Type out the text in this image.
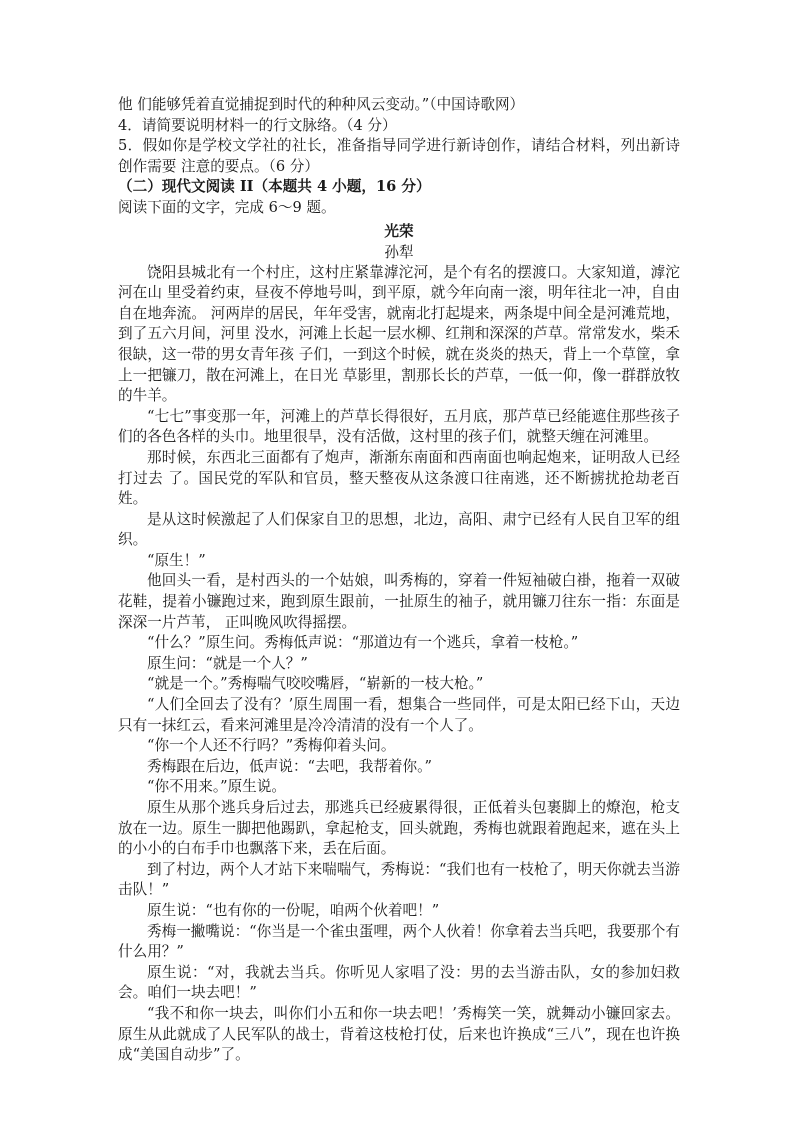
他 们能够凭着直觉捕捉到时代的种种风云变动。”（中国诗歌网）

4．请简要说明材料一的行文脉络。（4 分）

5．假如你是学校文学社的社长，准备指导同学进行新诗创作，请结合材料，列出新诗创作需要 注意的要点。（6 分）

（二）现代文阅读 II（本题共 4 小题，16 分）

阅读下面的文字，完成 6～9 题。

光荣
孙犁

饶阳县城北有一个村庄，这村庄紧靠滹沱河，是个有名的摆渡口。大家知道，滹沱河在山 里受着约束，昼夜不停地号叫，到平原，就今年向南一滚，明年往北一冲，自由自在地奔流。 河两岸的居民，年年受害，就南北打起堤来，两条堤中间全是河滩荒地，到了五六月间，河里 没水，河滩上长起一层水柳、红荆和深深的芦草。常常发水，柴禾很缺，这一带的男女青年孩 子们，一到这个时候，就在炎炎的热天，背上一个草筐，拿上一把镰刀，散在河滩上，在日光 草影里，割那长长的芦草，一低一仰，像一群群放牧的牛羊。

“七七”事变那一年，河滩上的芦草长得很好，五月底，那芦草已经能遮住那些孩子们的各色各样的头巾。地里很旱，没有活做，这村里的孩子们，就整天缠在河滩里。

那时候，东西北三面都有了炮声，渐渐东南面和西南面也响起炮来，证明敌人已经打过去 了。国民党的军队和官员，整天整夜从这条渡口往南逃，还不断掳扰抢劫老百姓。

是从这时候激起了人们保家自卫的思想，北边，高阳、肃宁已经有人民自卫军的组织。

“原生！”

他回头一看，是村西头的一个姑娘，叫秀梅的，穿着一件短袖破白褂，拖着一双破花鞋，提着小镰跑过来，跑到原生跟前，一扯原生的袖子，就用镰刀往东一指：东面是深深一片芦苇， 正叫晚风吹得摇摆。

“什么？”原生问。秀梅低声说：“那道边有一个逃兵，拿着一枝枪。”

原生问：“就是一个人？”

“就是一个。”秀梅喘气咬咬嘴唇，“崭新的一枝大枪。”

“人们全回去了没有？’原生周围一看，想集合一些同伴，可是太阳已经下山，天边只有一抹红云，看来河滩里是冷冷清清的没有一个人了。

“你一个人还不行吗？”秀梅仰着头问。

秀梅跟在后边，低声说：“去吧，我帮着你。”

“你不用来。”原生说。

原生从那个逃兵身后过去，那逃兵已经疲累得很，正低着头包裹脚上的燎泡，枪支放在一边。原生一脚把他踢趴，拿起枪支，回头就跑，秀梅也就跟着跑起来，遮在头上的小小的白布手巾也飘落下来，丢在后面。

到了村边，两个人才站下来喘喘气，秀梅说：“我们也有一枝枪了，明天你就去当游击队！”

原生说：“也有你的一份呢，咱两个伙着吧！”

秀梅一撇嘴说：“你当是一个雀虫蛋哩，两个人伙着！你拿着去当兵吧，我要那个有什么用？”

原生说：“对，我就去当兵。你听见人家唱了没：男的去当游击队，女的参加妇救会。咱们一块去吧！”

“我不和你一块去，叫你们小五和你一块去吧！’秀梅笑一笑，就舞动小镰回家去。原生从此就成了人民军队的战士，背着这枝枪打仗，后来也许换成“三八”，现在也许换成“美国自动步”了。
